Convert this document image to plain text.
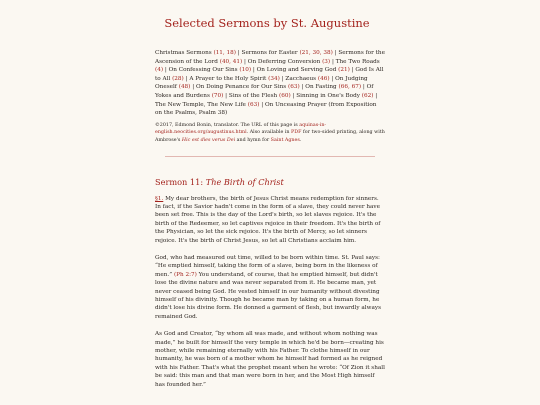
Selected Sermons by St. Augustine
Christmas Sermons (11, 18) | Sermons for Easter (21, 30, 38) | Sermons for the Ascension of the Lord (40, 41) | On Deferring Conversion (3) | The Two Roads (4) | On Confessing Our Sins (10) | On Loving and Serving God (21) | God Is All to All (28) | A Prayer to the Holy Spirit (34) | Zacchaeus (46) | On Judging Oneself (48) | On Doing Penance for Our Sins (63) | On Fasting (66, 67) | Of Yokes and Burdens (70) | Sins of the Flesh (60) | Sinning in One's Body (62) | The New Temple, The New Life (63) | On Unceasing Prayer (from Exposition on the Psalms, Psalm 38)
©2017, Edmond Bonin, translator. The URL of this page is aquinas-in-english.neocities.org/augustinus.html. Also available in PDF for two-sided printing, along with Ambrose's Hic est dies verus Dei and hymn for Saint Agnes.
Sermon 11: The Birth of Christ

§1. My dear brothers, the birth of Jesus Christ means redemption for sinners. In fact, if the Savior hadn't come in the form of a slave, they could never have been set free. This is the day of the Lord's birth, so let slaves rejoice. It's the birth of the Redeemer, so let captives rejoice in their freedom. It's the birth of the Physician, so let the sick rejoice. It's the birth of Mercy, so let sinners rejoice. It's the birth of Christ Jesus, so let all Christians acclaim him.

God, who had measured out time, willed to be born within time. St. Paul says: “He emptied himself, taking the form of a slave, being born in the likeness of men.” (Ph 2:7) You understand, of course, that he emptied himself, but didn't lose the divine nature and was never separated from it. He became man, yet never ceased being God. He vested himself in our humanity without divesting himself of his divinity. Though he became man by taking on a human form, he didn't lose his divine form. He donned a garment of flesh, but inwardly always remained God.

As God and Creator, “by whom all was made, and without whom nothing was made,” he built for himself the very temple in which he'd be born—creating his mother, while remaining eternally with his Father. To clothe himself in our humanity, he was born of a mother whom he himself had formed as he reigned with his Father. That's what the prophet meant when he wrote: “Of Zion it shall be said: this man and that man were born in her, and the Most High himself has founded her.”
